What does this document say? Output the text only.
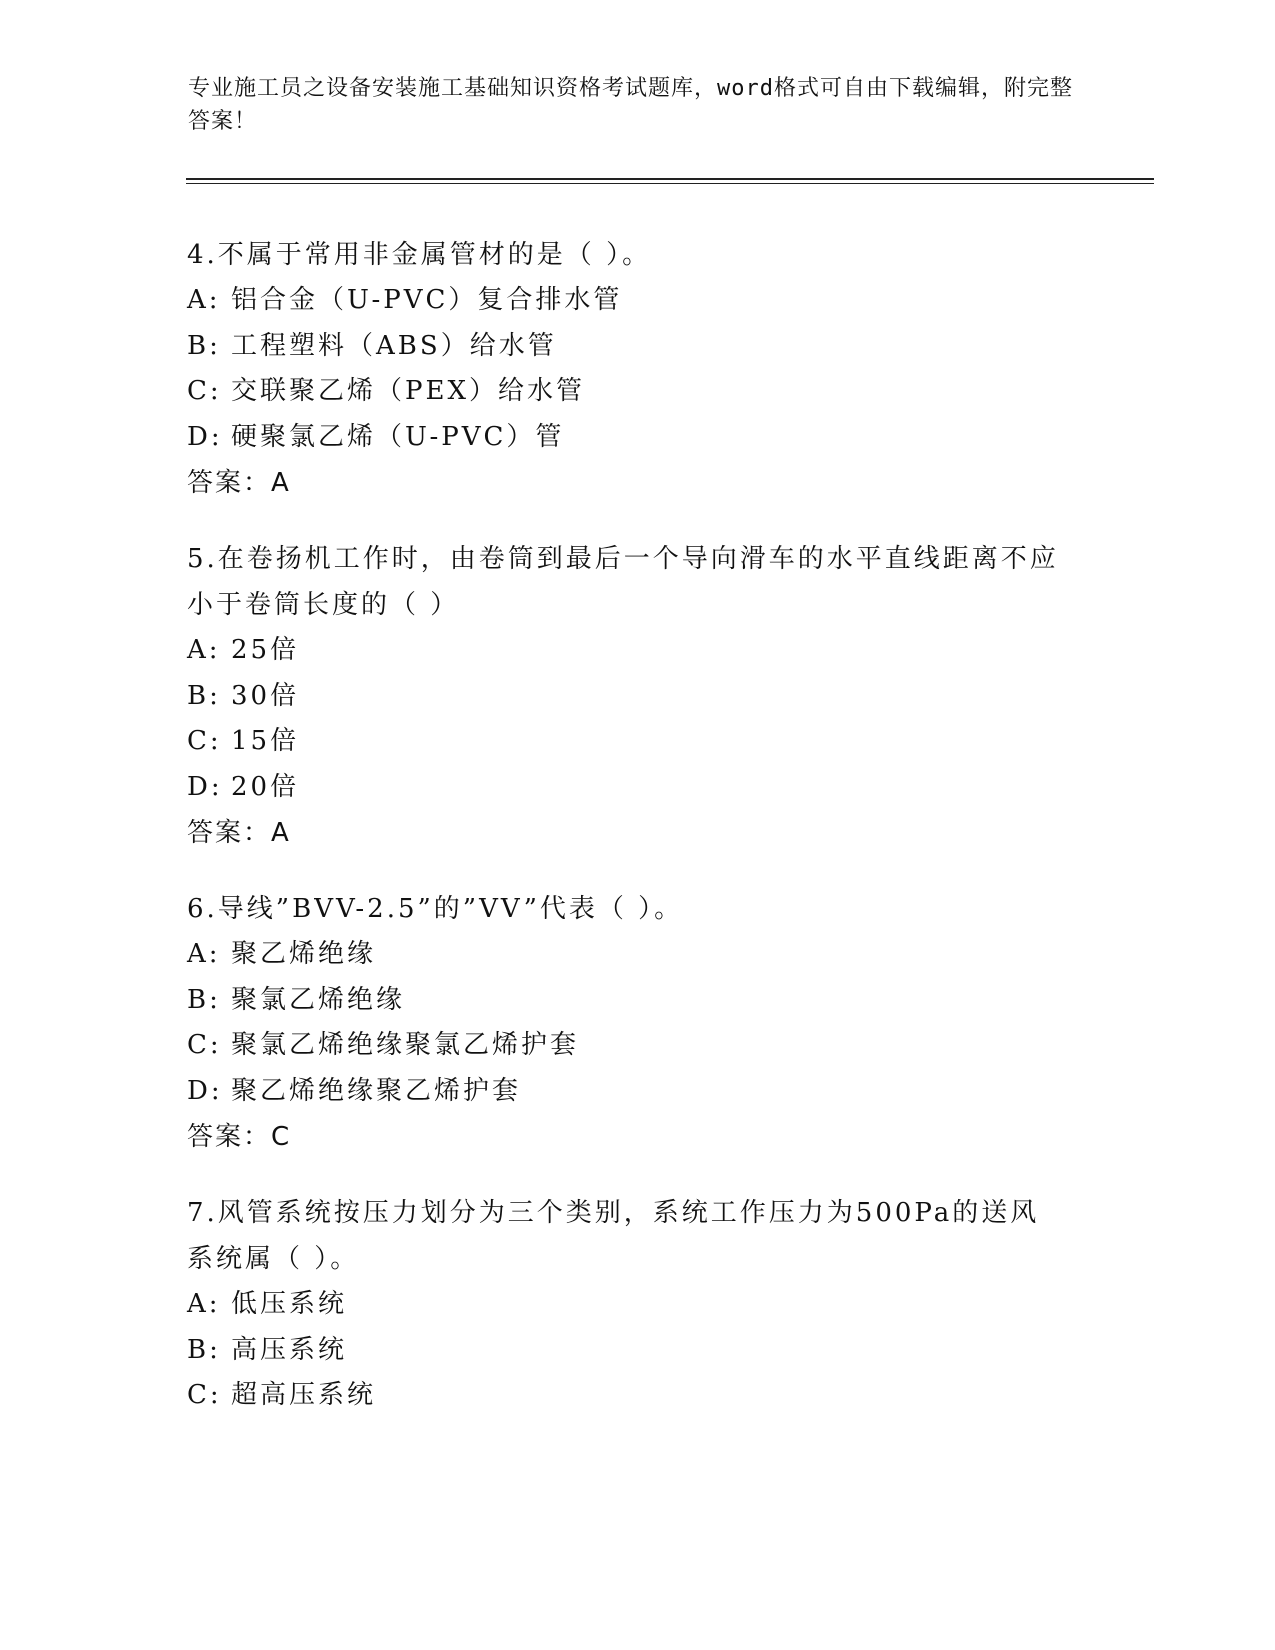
专业施工员之设备安装施工基础知识资格考试题库，word格式可自由下载编辑，附完整答案！
4.不属于常用非金属管材的是（ ）。
A: 铝合金（U-PVC）复合排水管
B: 工程塑料（ABS）给水管
C: 交联聚乙烯（PEX）给水管
D: 硬聚氯乙烯（U-PVC）管
答案：A
5.在卷扬机工作时，由卷筒到最后一个导向滑车的水平直线距离不应小于卷筒长度的（ ）
A: 25倍
B: 30倍
C: 15倍
D: 20倍
答案：A
6.导线”BVV-2.5”的”VV”代表（ ）。
A: 聚乙烯绝缘
B: 聚氯乙烯绝缘
C: 聚氯乙烯绝缘聚氯乙烯护套
D: 聚乙烯绝缘聚乙烯护套
答案：C
7.风管系统按压力划分为三个类别，系统工作压力为500Pa的送风系统属（ ）。
A: 低压系统
B: 高压系统
C: 超高压系统
